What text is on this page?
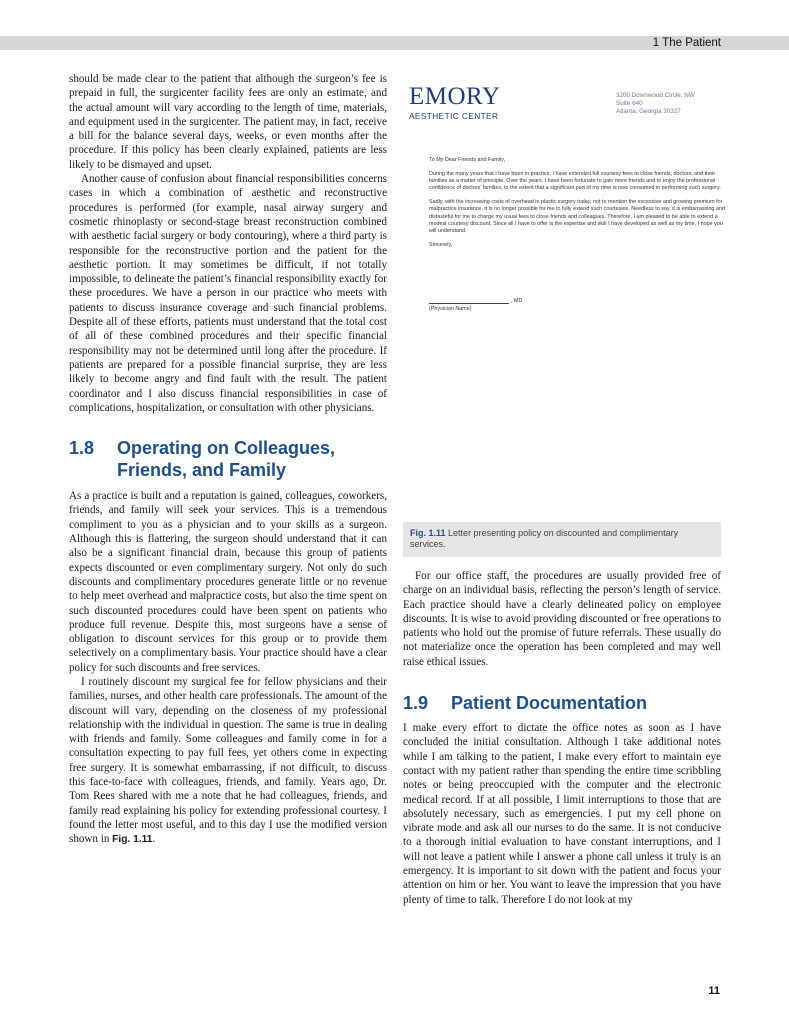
1 The Patient

should be made clear to the patient that although the surgeon’s fee is prepaid in full, the surgicenter facility fees are only an estimate, and the actual amount will vary according to the length of time, materials, and equipment used in the surgicenter. The patient may, in fact, receive a bill for the balance several days, weeks, or even months after the procedure. If this policy has been clearly explained, patients are less likely to be dismayed and upset.

Another cause of confusion about financial responsibilities concerns cases in which a combination of aesthetic and reconstructive procedures is performed (for example, nasal airway surgery and cosmetic rhinoplasty or second-stage breast reconstruction combined with aesthetic facial surgery or body contouring), where a third party is responsible for the reconstructive portion and the patient for the aesthetic portion. It may sometimes be difficult, if not totally impossible, to delineate the patient’s financial responsibility exactly for these procedures. We have a person in our practice who meets with patients to discuss insurance coverage and such financial problems. Despite all of these efforts, patients must understand that the total cost of all of these combined procedures and their specific financial responsibility may not be determined until long after the procedure. If patients are prepared for a possible financial surprise, they are less likely to become angry and find fault with the result. The patient coordinator and I also discuss financial responsibilities in case of complications, hospitalization, or consultation with other physicians.

1.8	Operating on Colleagues, Friends, and Family

As a practice is built and a reputation is gained, colleagues, coworkers, friends, and family will seek your services. This is a tremendous compliment to you as a physician and to your skills as a surgeon. Although this is flattering, the surgeon should understand that it can also be a significant financial drain, because this group of patients expects discounted or even complimentary surgery. Not only do such discounts and complimentary procedures generate little or no revenue to help meet overhead and malpractice costs, but also the time spent on such discounted procedures could have been spent on patients who produce full revenue. Despite this, most surgeons have a sense of obligation to discount services for this group or to provide them selectively on a complimentary basis. Your practice should have a clear policy for such discounts and free services.

I routinely discount my surgical fee for fellow physicians and their families, nurses, and other health care professionals. The amount of the discount will vary, depending on the closeness of my professional relationship with the individual in question. The same is true in dealing with friends and family. Some colleagues and family come in for a consultation expecting to pay full fees, yet others come in expecting free surgery. It is somewhat embarrassing, if not difficult, to discuss this face-to-face with colleagues, friends, and family. Years ago, Dr. Tom Rees shared with me a note that he had colleagues, friends, and family read explaining his policy for extending professional courtesy. I found the letter most useful, and to this day I use the modified version shown in Fig. 1.11.

EMORY
AESTHETIC CENTER
3200 Downwood Circle, NW
Suite 640
Atlanta, Georgia 30327
To My Dear Friends and Family,
During the many years that I have been in practice, I have extended full courtesy fees to close friends, doctors, and their families as a matter of principle. Over the years, I have been fortunate to gain more friends and to enjoy the professional confidence of doctors’ families, to the extent that a significant part of my time is now consumed in performing such surgery.
Sadly, with the increasing costs of overhead in plastic surgery today, not to mention the excessive and growing premium for malpractice insurance, it is no longer possible for me to fully extend such courtesies. Needless to say, it is embarrassing and distasteful for me to charge my usual fees to close friends and colleagues. Therefore, I am pleased to be able to extend a modest courtesy discount. Since all I have to offer is the expertise and skill I have developed as well as my time, I hope you will understand.
Sincerely,
, MD
(Physician Name)
Fig. 1.11 Letter presenting policy on discounted and complimentary services.

For our office staff, the procedures are usually provided free of charge on an individual basis, reflecting the person’s length of service. Each practice should have a clearly delineated policy on employee discounts. It is wise to avoid providing discounted or free operations to patients who hold out the promise of future referrals. These usually do not materialize once the operation has been completed and may well raise ethical issues.

1.9	Patient Documentation

I make every effort to dictate the office notes as soon as I have concluded the initial consultation. Although I take additional notes while I am talking to the patient, I make every effort to maintain eye contact with my patient rather than spending the entire time scribbling notes or being preoccupied with the computer and the electronic medical record. If at all possible, I limit interruptions to those that are absolutely necessary, such as emergencies. I put my cell phone on vibrate mode and ask all our nurses to do the same. It is not conducive to a thorough initial evaluation to have constant interruptions, and I will not leave a patient while I answer a phone call unless it truly is an emergency. It is important to sit down with the patient and focus your attention on him or her. You want to leave the impression that you have plenty of time to talk. Therefore I do not look at my

11
